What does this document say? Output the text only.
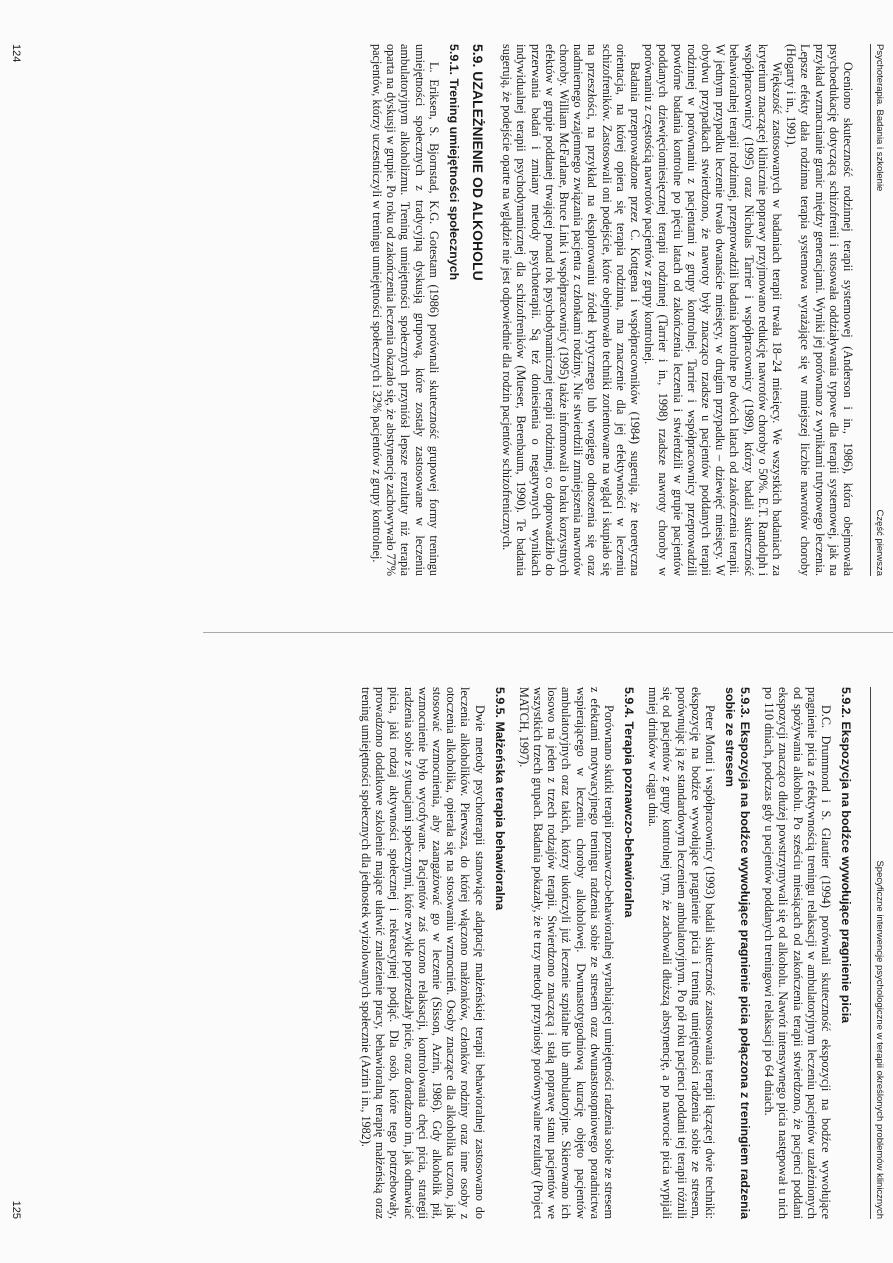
Psychoterapia. Badania i szkolenie
Część pierwsza

Oceniono skuteczność rodzinnej terapii systemowej (Anderson i in., 1986), która obejmowała psychoedukację dotyczącą schizofrenii i stosowała oddziaływania typowe dla terapii systemowej, jak na przykład wzmacnianie granic między generacjami. Wyniki jej porównano z wynikami rutynowego leczenia. Lepsze efekty dała rodzinna terapia systemowa wyrażające się w mniejszej liczbie nawrotów choroby (Hogarty i in., 1991).

Większość zastosowanych w badaniach terapii trwała 18–24 miesięcy. We wszystkich badaniach za kryterium znaczącej klinicznie poprawy przyjmowano redukcję nawrotów choroby o 50%. E.T. Randolph i współpracownicy (1995) oraz Nicholas Tarrier i współpracownicy (1989), którzy badali skuteczność behawioralnej terapii rodzinnej, przeprowadzili badania kontrolne po dwóch latach od zakończenia terapii. W jednym przypadku leczenie trwało dwanaście miesięcy, w drugim przypadku – dziewięć miesięcy. W obydwu przypadkach stwierdzono, że nawroty były znacząco rzadsze u pacjentów poddanych terapii rodzinnej w porównaniu z pacjentami z grupy kontrolnej. Tarrier i współpracownicy przeprowadzili powtórne badania kontrolne po pięciu latach od zakończenia leczenia i stwierdzili w grupie pacjentów poddanych dziewięciomiesięcznej terapii rodzinnej (Tarrier i in., 1998) rzadsze nawroty choroby w porównaniu z częstością nawrotów pacjentów z grupy kontrolnej.

Badania przeprowadzone przez C. Kottgena i współpracowników (1984) sugerują, że teoretyczna orientacja, na której opiera się terapia rodzinna, ma znaczenie dla jej efektywności w leczeniu schizofreników. Zastosowali oni podejście, które obejmowało techniki zorientowane na wgląd i skupiało się na przeszłości, na przykład na eksplorowaniu źródeł krytycznego lub wrogiego odnoszenia się oraz nadmiernego wzajemnego związania pacjenta z członkami rodziny. Nie stwierdzili zmniejszenia nawrotów choroby. William McFarlane, Bruce Link i współpracownicy (1995) także informowali o braku korzystnych efektów w grupie poddanej trwającej ponad rok psychodynamicznej terapii rodzinnej, co doprowadziło do przerwania badań i zmiany metody psychoterapii. Są też doniesienia o negatywnych wynikach indywidualnej terapii psychodynamicznej dla schizofreników (Mueser, Berenbaum, 1990). Te badania sugerują, że podejście oparte na wglądzie nie jest odpowiednie dla rodzin pacjentów schizofrenicznych.

5.9. UZALEŻNIENIE OD ALKOHOLU
5.9.1. Trening umiejętności społecznych

L. Eriksen, S. Bjornstad, K.G. Gotestam (1986) porównali skuteczność grupowej formy treningu umiejętności społecznych z tradycyjną dyskusją grupową, które zostały zastosowane w leczeniu ambulatoryjnym alkoholizmu. Trening umiejętności społecznych przyniósł lepsze rezultaty niż terapia oparta na dyskusji w grupie. Po roku od zakończenia leczenia okazało się, że abstynencję zachowywało 77% pacjentów, którzy uczestniczyli w treningu umiejętności społecznych i 32% pacjentów z grupy kontrolnej.

124
Specyficzne interwencje psychologiczne w terapii określonych problemów klinicznych
5.9.2. Ekspozycja na bodźce wywołujące pragnienie picia

D.C. Drummond i S. Glautier (1994) porównali skuteczność ekspozycji na bodźce wywołujące pragnienie picia z efektywnością treningu relaksacji w ambulatoryjnym leczeniu pacjentów uzależnionych od spożywania alkoholu. Po sześciu miesiącach od zakończenia terapii stwierdzono, że pacjenci poddani ekspozycji znacząco dłużej powstrzymywali się od alkoholu. Nawrót intensywnego picia następował u nich po 110 dniach, podczas gdy u pacjentów poddanych treningowi relaksacji po 64 dniach.

5.9.3. Ekspozycja na bodźce wywołujące pragnienie picia połączona z treningiem radzenia sobie ze stresem

Peter Monti i współpracownicy (1993) badali skuteczność zastosowania terapii łączącej dwie techniki: ekspozycję na bodźce wywołujące pragnienie picia i trening umiejętności radzenia sobie ze stresem, porównując ją ze standardowym leczeniem ambulatoryjnym. Po pół roku pacjenci poddani tej terapii różnili się od pacjentów z grupy kontrolnej tym, że zachowali dłuższą abstynencję, a po nawrocie picia wypijali mniej drinków w ciągu dnia.

5.9.4. Terapia poznawczo-behawioralna

Porównano skutki terapii poznawczo-behawioralnej wyrabiającej umiejętności radzenia sobie ze stresem z efektami motywacyjnego treningu radzenia sobie ze stresem oraz dwunastostopniowego poradnictwa wspierającego w leczeniu choroby alkoholowej. Dwunastotygodniową kurację objęto pacjentów ambulatoryjnych oraz takich, którzy ukończyli już leczenie szpitalne lub ambulatoryjne. Skierowano ich losowo na jeden z trzech rodzajów terapii. Stwierdzono znaczącą i stałą poprawę stanu pacjentów we wszystkich trzech grupach. Badania pokazały, że te trzy metody przyniosły porównywalne rezultaty (Project MATCH, 1997).

5.9.5. Małżeńska terapia behawioralna

Dwie metody psychoterapii stanowiące adaptację małżeńskiej terapii behawioralnej zastosowano do leczenia alkoholików. Pierwsza, do której włączono małżonków, członków rodziny oraz inne osoby z otoczenia alkoholika, opierała się na stosowaniu wzmocnień. Osoby znaczące dla alkoholika uczono, jak stosować wzmocnienia, aby zaangażować go w leczenie (Sisson, Azrin, 1986). Gdy alkoholik pił, wzmocnienie było wycofywane. Pacjentów zaś uczono relaksacji, kontrolowania chęci picia, strategii radzenia sobie z sytuacjami społecznymi, które zwykle poprzedzały picie, oraz doradzano im, jak odmawiać picia, jaki rodzaj aktywności społecznej i rekreacyjnej podjąć. Dla osób, które tego potrzebowały, prowadzono dodatkowe szkolenie mające ułatwić znalezienie pracy, behawioralną terapię małżeńską oraz trening umiejętności społecznych dla jednostek wyizolowanych społecznie (Azrin i in., 1982).

125
